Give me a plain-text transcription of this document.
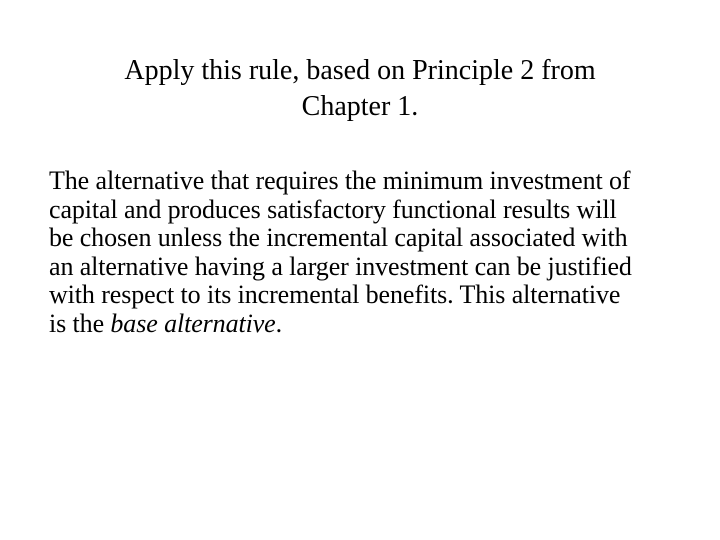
Apply this rule, based on Principle 2 from
Chapter 1.

The alternative that requires the minimum investment of
capital and produces satisfactory functional results will
be chosen unless the incremental capital associated with
an alternative having a larger investment can be justified
with respect to its incremental benefits. This alternative
is the base alternative.
